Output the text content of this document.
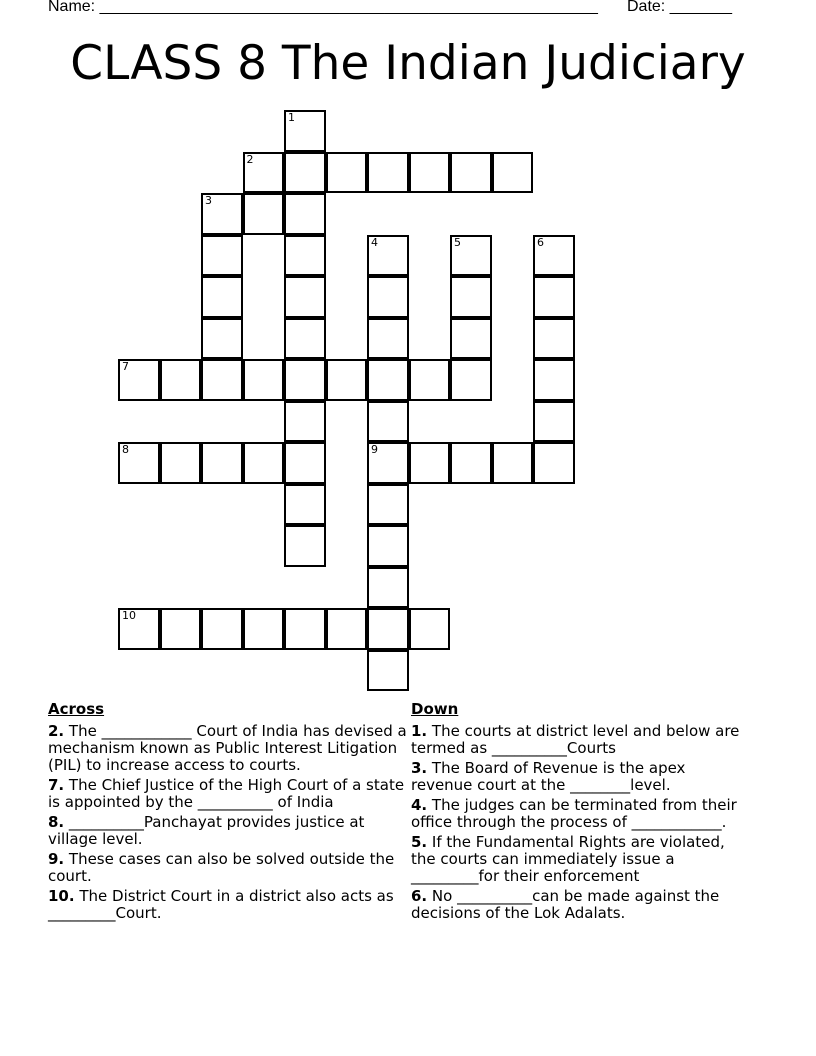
Name: ________________________________________________________ Date: _______
CLASS 8 The Indian Judiciary
1
2
3
4	5	6
7
8	9
10
Across
2. The ____________ Court of India has devised a mechanism known as Public Interest Litigation (PIL) to increase access to courts.
7. The Chief Justice of the High Court of a state is appointed by the __________ of India
8. __________Panchayat provides justice at village level.
9. These cases can also be solved outside the court.
10. The District Court in a district also acts as _________Court.
Down
1. The courts at district level and below are termed as __________Courts
3. The Board of Revenue is the apex revenue court at the ________level.
4. The judges can be terminated from their office through the process of ____________.
5. If the Fundamental Rights are violated, the courts can immediately issue a _________for their enforcement
6. No __________can be made against the decisions of the Lok Adalats.
